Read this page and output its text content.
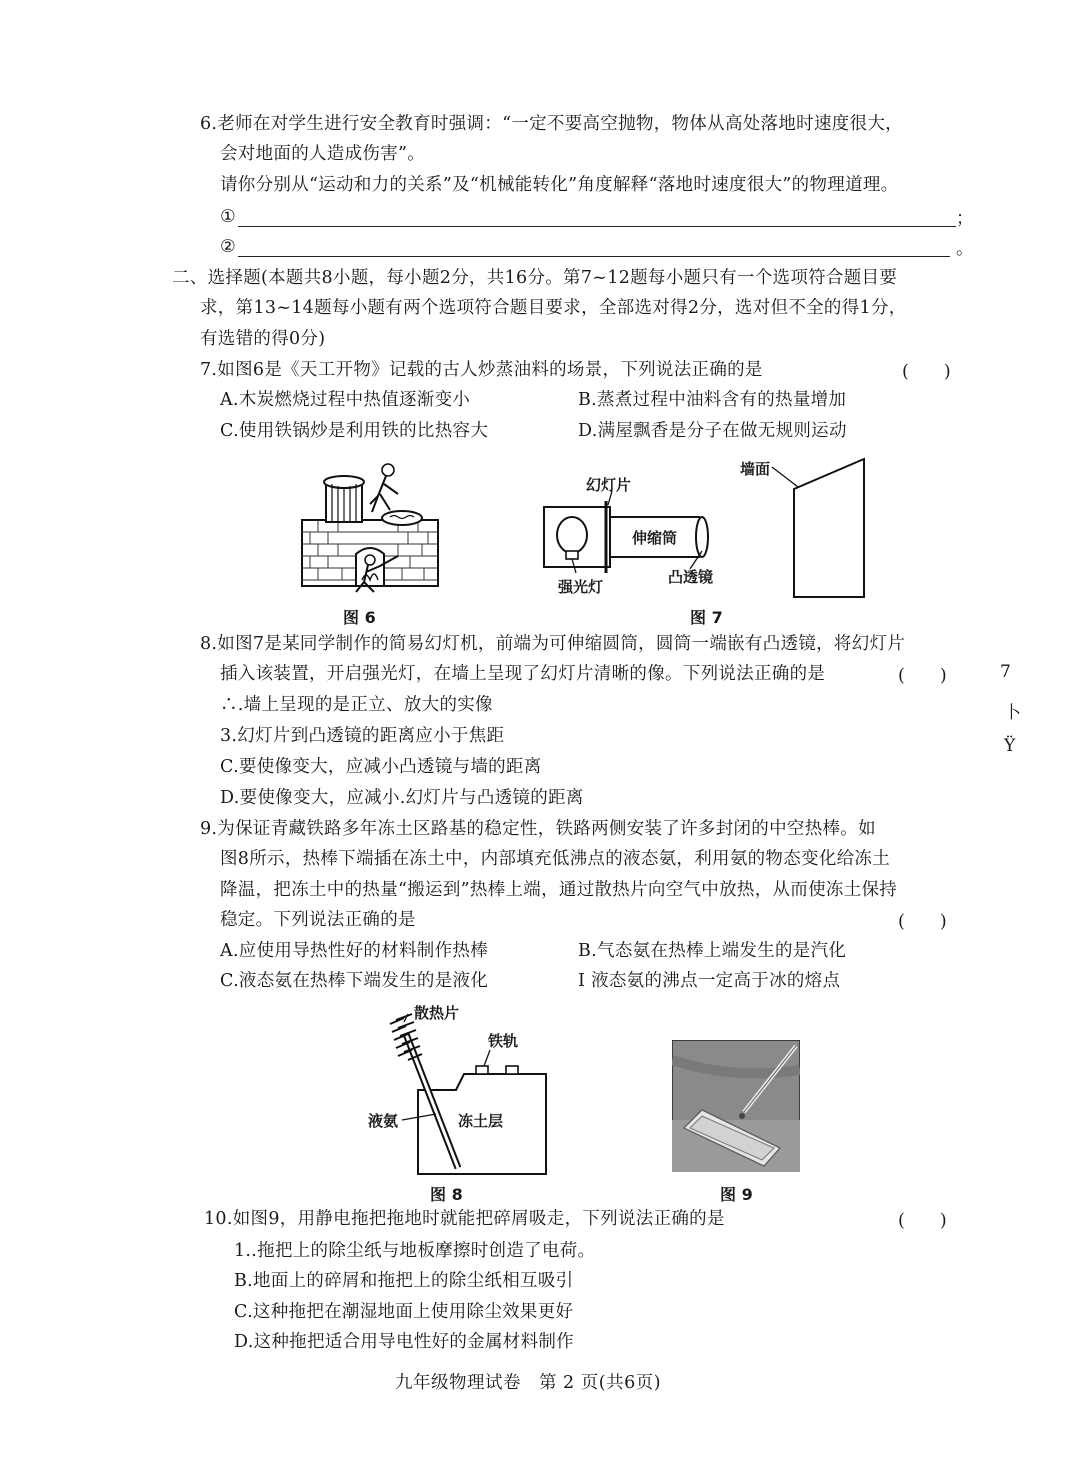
6.老师在对学生进行安全教育时强调：“一定不要高空抛物，物体从高处落地时速度很大，
会对地面的人造成伤害”。
请你分别从“运动和力的关系”及“机械能转化”角度解释“落地时速度很大”的物理道理。
①	；
②	。
二、选择题(本题共8小题，每小题2分，共16分。第7~12题每小题只有一个选项符合题目要
求，第13~14题每小题有两个选项符合题目要求，全部选对得2分，选对但不全的得1分，
有选错的得0分)
7.如图6是《天工开物》记载的古人炒蒸油料的场景，下列说法正确的是	(　　)
A.木炭燃烧过程中热值逐渐变小	B.蒸煮过程中油料含有的热量增加
C.使用铁锅炒是利用铁的比热容大	D.满屋飘香是分子在做无规则运动
图 6
幻灯片
伸缩筒
强光灯
凸透镜
墙面
图 7
8.如图7是某同学制作的简易幻灯机，前端为可伸缩圆筒，圆筒一端嵌有凸透镜，将幻灯片
插入该装置，开启强光灯，在墙上呈现了幻灯片清晰的像。下列说法正确的是	(　　)
∴.墙上呈现的是正立、放大的实像
3.幻灯片到凸透镜的距离应小于焦距
C.要使像变大，应减小凸透镜与墙的距离
D.要使像变大，应减小.幻灯片与凸透镜的距离
7
卜
Ÿ
9.为保证青藏铁路多年冻土区路基的稳定性，铁路两侧安装了许多封闭的中空热棒。如
图8所示，热棒下端插在冻土中，内部填充低沸点的液态氨，利用氨的物态变化给冻土
降温，把冻土中的热量“搬运到”热棒上端，通过散热片向空气中放热，从而使冻土保持
稳定。下列说法正确的是	(　　)
A.应使用导热性好的材料制作热棒	B.气态氨在热棒上端发生的是汽化
C.液态氨在热棒下端发生的是液化	I 液态氨的沸点一定高于冰的熔点
散热片
铁轨
液氨	冻土层
图 8	图 9
10.如图9，用静电拖把拖地时就能把碎屑吸走，下列说法正确的是	(　　)
1..拖把上的除尘纸与地板摩擦时创造了电荷。
B.地面上的碎屑和拖把上的除尘纸相互吸引
C.这种拖把在潮湿地面上使用除尘效果更好
D.这种拖把适合用导电性好的金属材料制作
九年级物理试卷　第 2 页(共6页)
